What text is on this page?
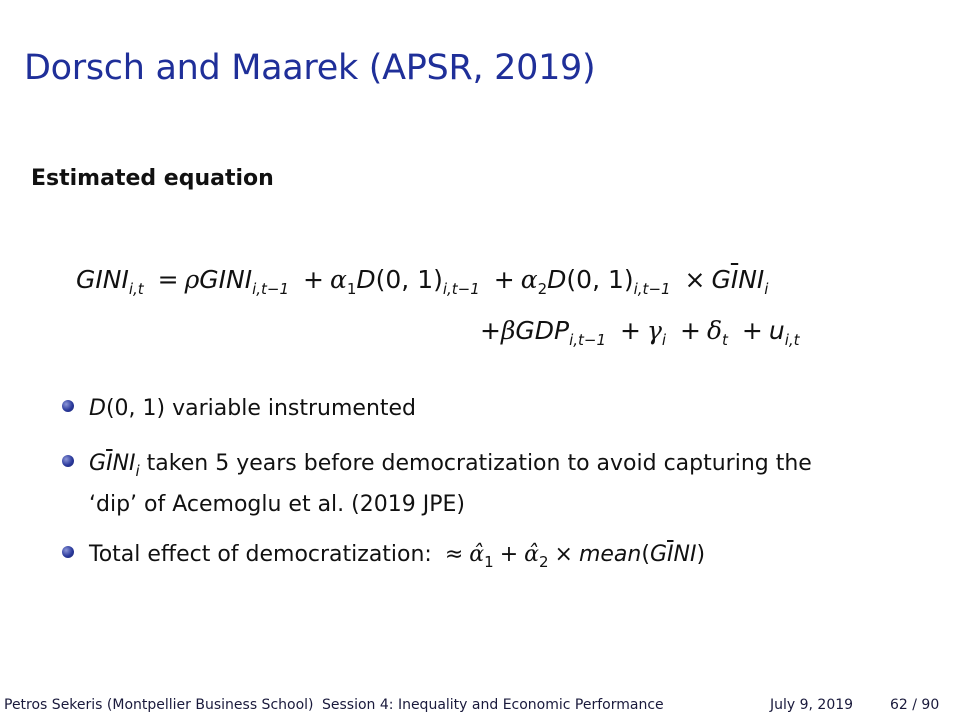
Dorsch and Maarek (APSR, 2019)
Estimated equation
$GINI_{i,t}$ = ρGINI$_{i,t-1}$ + $\alpha_1D(0$, $1)_{i,t-1} + \alpha_2D(0$, $1)_{i,t-1} \times G\overline{I}NI_i$
$+\beta GDP_{i,t-1} + \gamma_i + \delta_t + u_{i,t}$
D(0, 1) variable instrumented
$G\overline{I}NI_i$ taken 5 years before democratization to avoid capturing the
‘dip’ of Acemoglu et al. (2019 JPE)
Total effect of democratization: ≈ $\alphâ_1$ + $\alphâ_2$ × $mean(G\overline{I}NI)$
Petros Sekeris (Montpellier Business School) Session 4: Inequality and Economic Performance	July 9, 2019	62 / 90
